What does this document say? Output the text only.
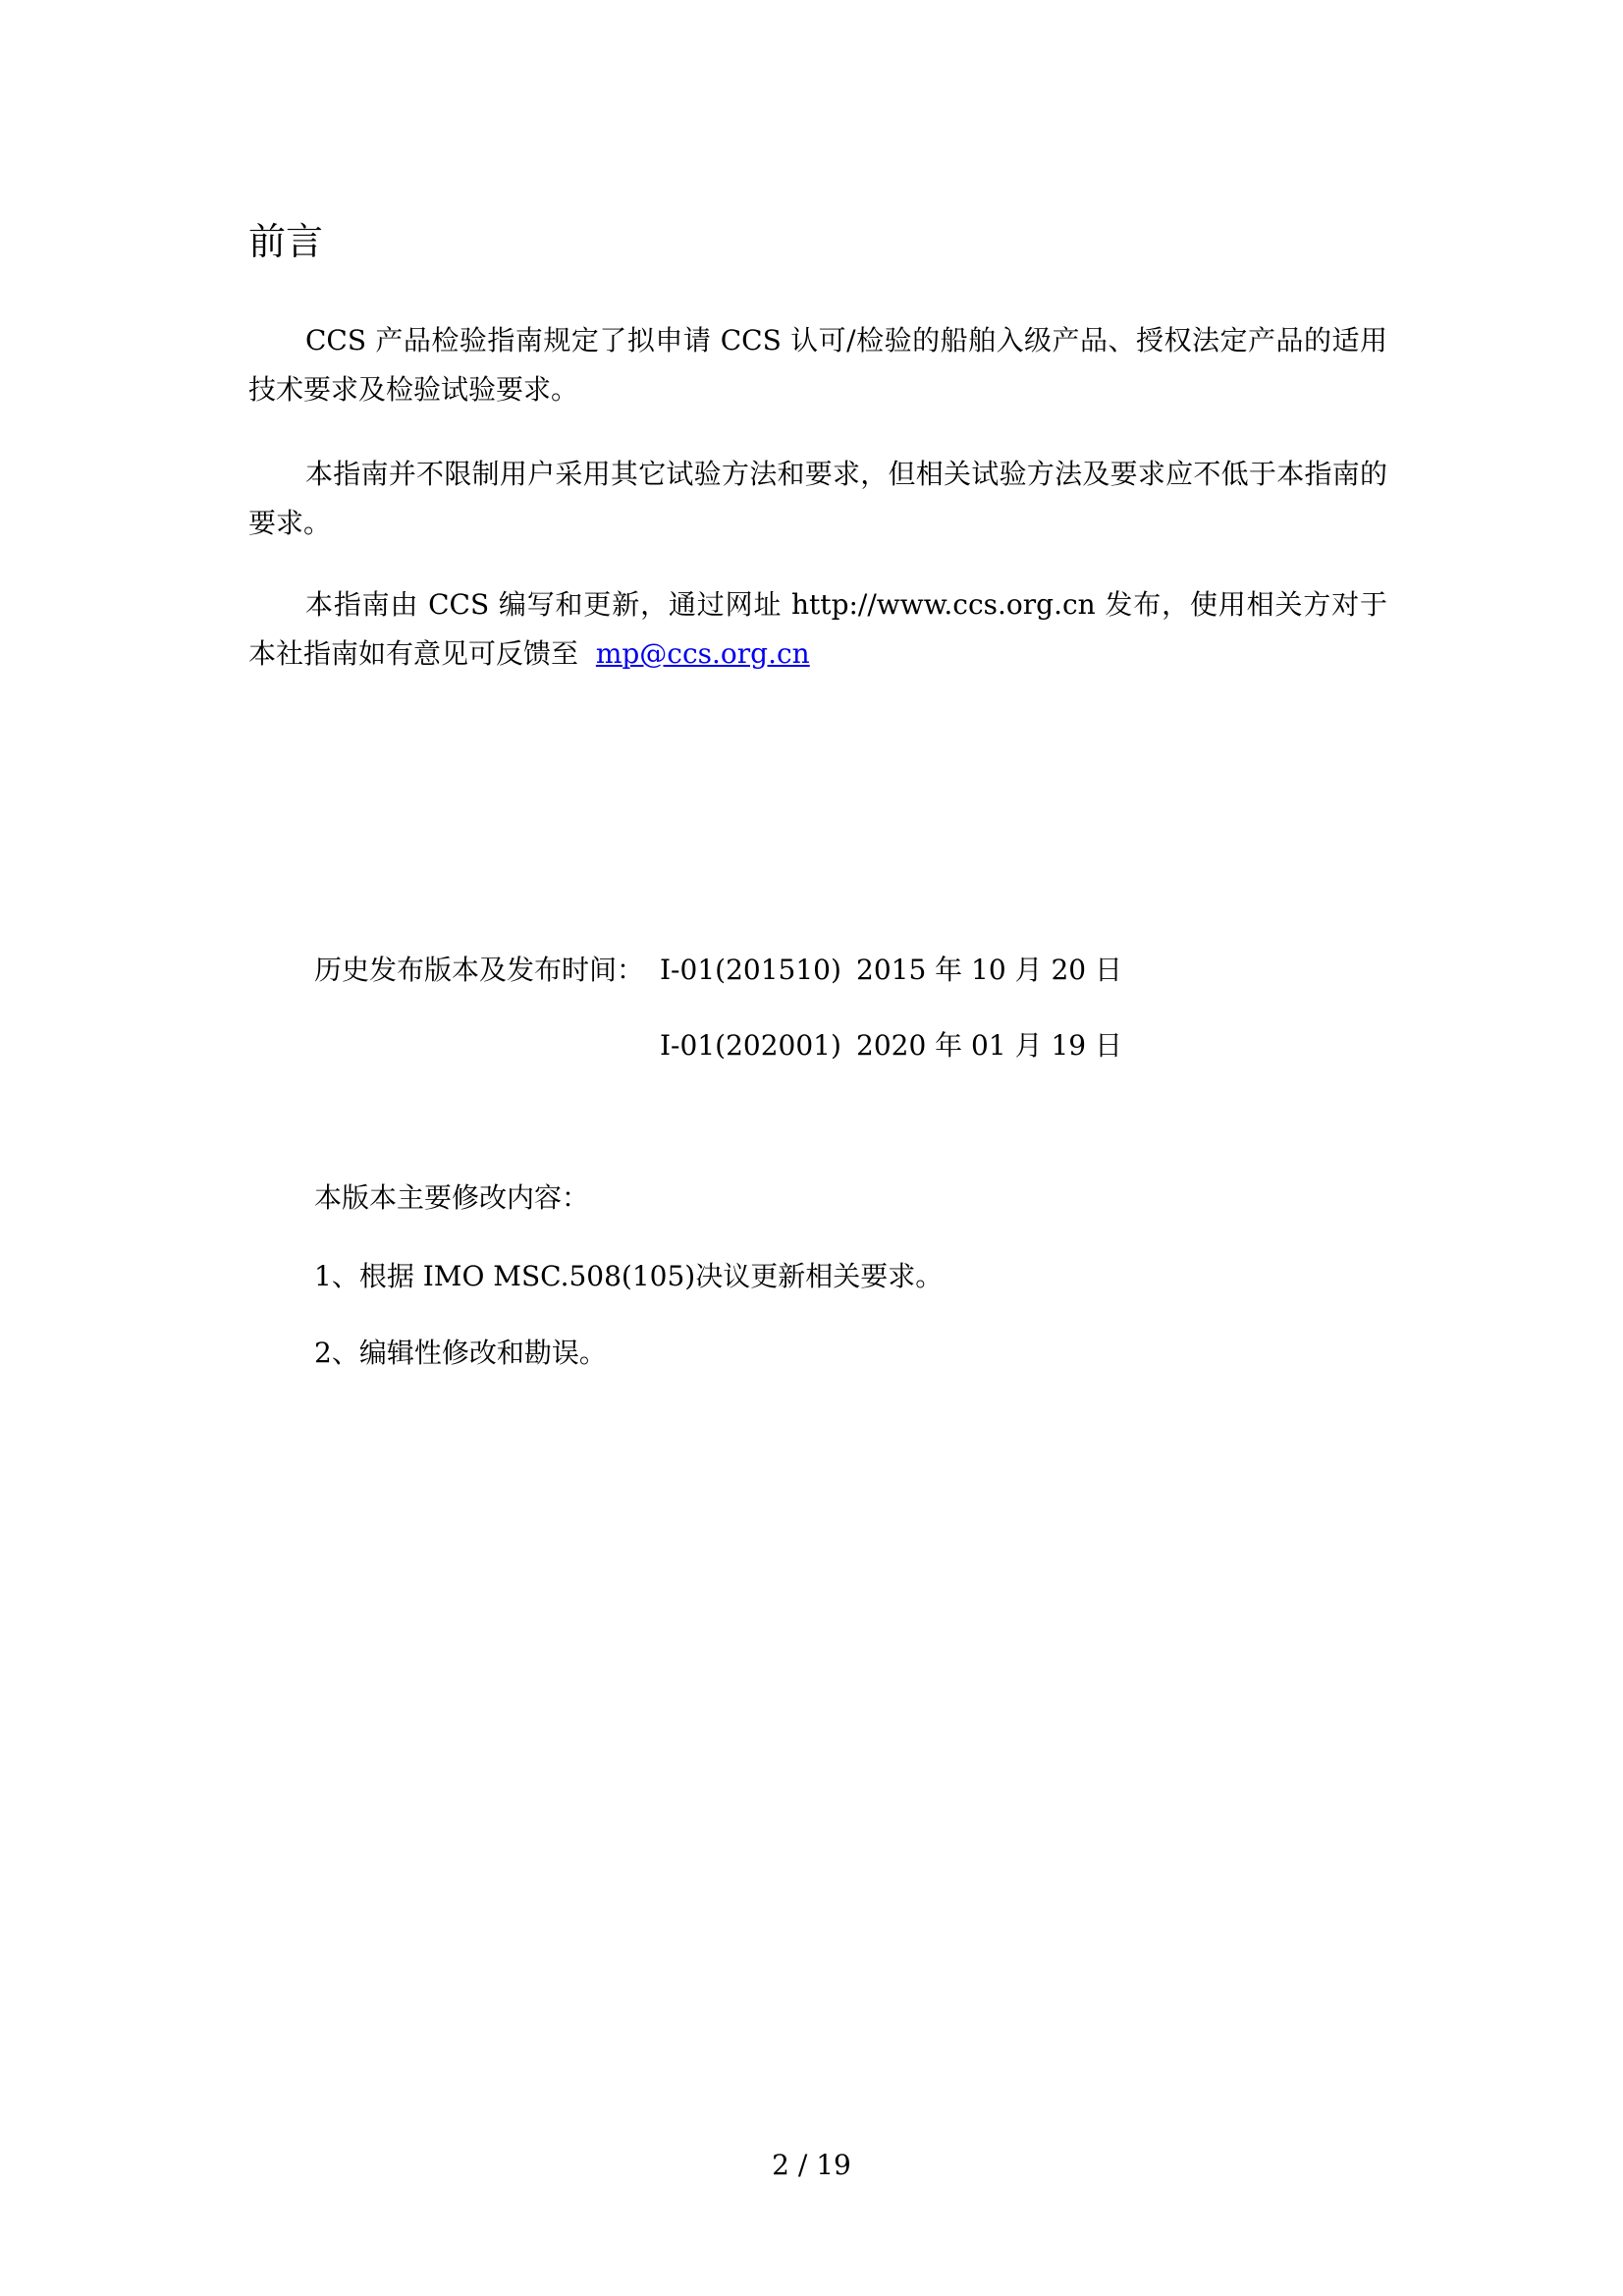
前言

CCS 产品检验指南规定了拟申请 CCS 认可/检验的船舶入级产品、授权法定产品的适用技术要求及检验试验要求。

本指南并不限制用户采用其它试验方法和要求，但相关试验方法及要求应不低于本指南的要求。

本指南由 CCS 编写和更新，通过网址 http://www.ccs.org.cn 发布，使用相关方对于本社指南如有意见可反馈至 mp@ccs.org.cn

历史发布版本及发布时间： I-01(201510) 2015 年 10 月 20 日
I-01(202001) 2020 年 01 月 19 日
本版本主要修改内容：
1、根据 IMO MSC.508(105)决议更新相关要求。
2、编辑性修改和勘误。
2 / 19
